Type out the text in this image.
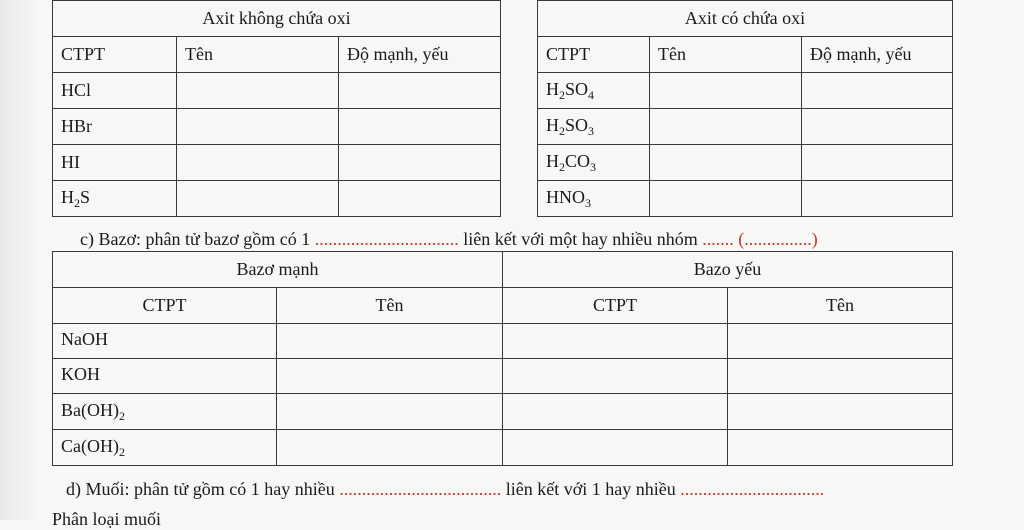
Axit không chứa oxi		
CTPT	Tên	Độ mạnh, yếu
HCl		
HBr		
HI		
$H_2S$		
Axit có chứa oxi		
CTPT	Tên	Độ mạnh, yếu
$H_2SO_4$		
$H_2SO_3$		
$H_2CO_3$		
$HNO_3$		
c) Bazơ: phân tử bazơ gồm có 1 ................................ liên kết với một hay nhiều nhóm ....... (...............)
Bazơ mạnh		Bazo yếu	
CTPT	Tên	CTPT	Tên
NaOH			
KOH			
$Ba(OH)_2$			
$Ca(OH)_2$			
d) Muối: phân tử gồm có 1 hay nhiều .................................... liên kết với 1 hay nhiều ................................
Phân loại muối
